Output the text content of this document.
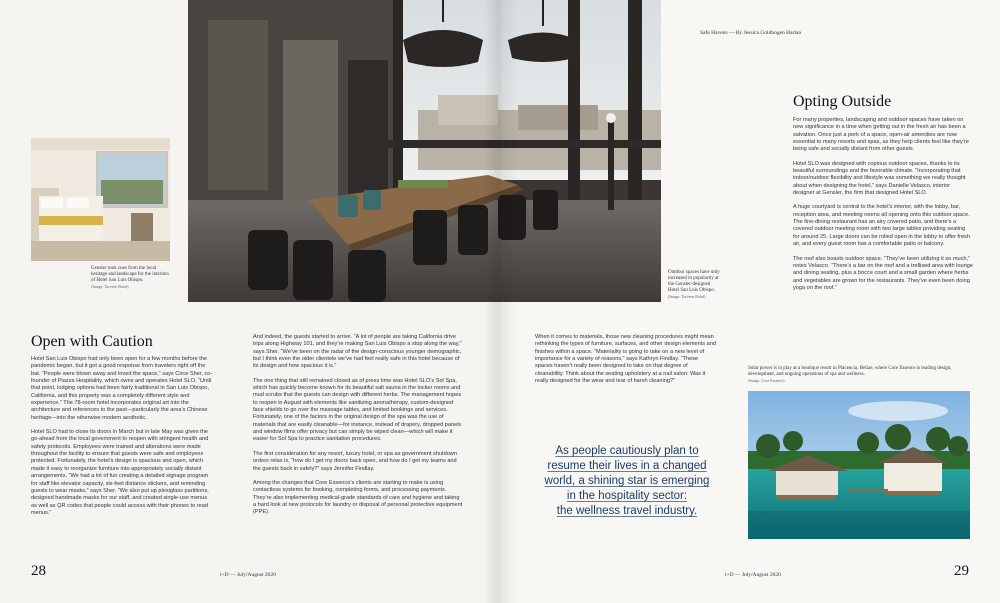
Safe Havens — By Jessica Goldbogen Harlan
Gensler took cues from the local heritage and landscape for the interiors of Hotel San Luis Obispo.
(Image: Tarveen Baird)
Outdoor spaces have only increased in popularity at the Gensler-designed Hotel San Luis Obispo.
(Image: Tarveen Baird)
Solar power is in play at a boutique resort in Placencia, Belize, where Core Essence is leading design, development, and ongoing operations of spa and wellness.
(Image: Core Essence)
Open with Caution
Opting Outside

Hotel San Luis Obispo had only been open for a few months before the pandemic began, but it got a good response from travelers right off the bat. “People were blown away and loved the space,” says Circe Sher, co-founder of Piazza Hospitality, which owns and operates Hotel SLO. “Until that point, lodging options had been fairly traditional in San Luis Obispo, California, and this property was a completely different style and experience.” The 78-room hotel incorporates original art into the architecture and references to the past—particularly the area’s Chinese heritage—into the otherwise modern aesthetic.

Hotel SLO had to close its doors in March but in late May was given the go-ahead from the local government to reopen with stringent health and safety protocols. Employees were trained and alterations were made throughout the facility to ensure that guests were safe and employees protected. Fortunately, the hotel’s design is spacious and open, which made it easy to reorganize furniture into appropriately socially distant arrangements. “We had a lot of fun creating a detailed signage program for staff like elevator capacity, six-feet distance stickers, and reminding guests to wear masks,” says Sher. “We also put up plexiglass partitions, designed handmade masks for our staff, and created single-use menus as well as QR codes that people could access with their phones to read menus.”

And indeed, the guests started to arrive. “A lot of people are taking California drive trips along Highway 101, and they’re making San Luis Obispo a stop along the way,” says Sher. “We’ve been on the radar of the design-conscious younger demographic, but I think even the older clientele we’ve had feel really safe in this hotel because of its design and how spacious it is.”

The one thing that still remained closed as of press time was Hotel SLO’s Sol Spa, which has quickly become known for its beautiful salt sauna in the locker rooms and mud scrubs that the guests can design with different herbs. The management hopes to reopen in August with elements like sanitizing aromatherapy, custom-designed face shields to go over the massage tables, and limited bookings and services. Fortunately, one of the factors in the original design of the spa was the use of materials that are easily cleanable—for instance, instead of drapery, dropped panels and window films offer privacy but can simply be wiped clean—which will make it easier for Sol Spa to practice sanitation procedures.

The first consideration for any resort, luxury hotel, or spa as government shutdown orders relax is, “how do I get my doors back open, and how do I get my teams and the guests back in safely?” says Jennifer Findlay.

Among the changes that Core Essence’s clients are starting to make is using contactless systems for booking, completing forms, and processing payments. They’re also implementing medical-grade standards of care and hygiene and taking a hard look at new protocols for laundry or disposal of personal protective equipment (PPE).

When it comes to materials, those new cleaning procedures might mean rethinking the types of furniture, surfaces, and other design elements and finishes within a space. “Materiality is going to take on a new level of importance for a variety of reasons,” says Kathryn Findlay. “These spaces haven’t really been designed to take on that degree of cleanability. Think about the seating upholstery at a nail salon: Was it really designed for the wear and tear of harsh cleaning?”

As people cautiously plan to
resume their lives in a changed
world, a shining star is emerging
in the hospitality sector:
the wellness travel industry.

For many properties, landscaping and outdoor spaces have taken on new significance in a time when getting out in the fresh air has been a salvation. Once just a perk of a space, open-air amenities are now essential to many resorts and spas, as they help clients feel like they’re being safe and socially distant from other guests.

Hotel SLO was designed with copious outdoor spaces, thanks to its beautiful surroundings and the favorable climate. “Incorporating that indoor/outdoor flexibility and lifestyle was something we really thought about when designing the hotel,” says Danielle Velasco, interior designer at Gensler, the firm that designed Hotel SLO.

A huge courtyard is central to the hotel’s interior, with the lobby, bar, reception area, and meeting rooms all opening onto this outdoor space. The fine-dining restaurant has an airy covered patio, and there’s a covered outdoor meeting room with two large tables providing seating for around 25. Large doors can be rolled open in the lobby to offer fresh air, and every guest room has a comfortable patio or balcony.

The roof also boasts outdoor space. “They’ve been utilizing it so much,” notes Velasco. “There’s a bar on the roof and a trellised area with lounge and dining seating, plus a bocce court and a small garden where herbs and vegetables are grown for the restaurants. They’ve even been doing yoga on the roof.”

28	i+D — July/August 2020	i+D — July/August 2020	29
